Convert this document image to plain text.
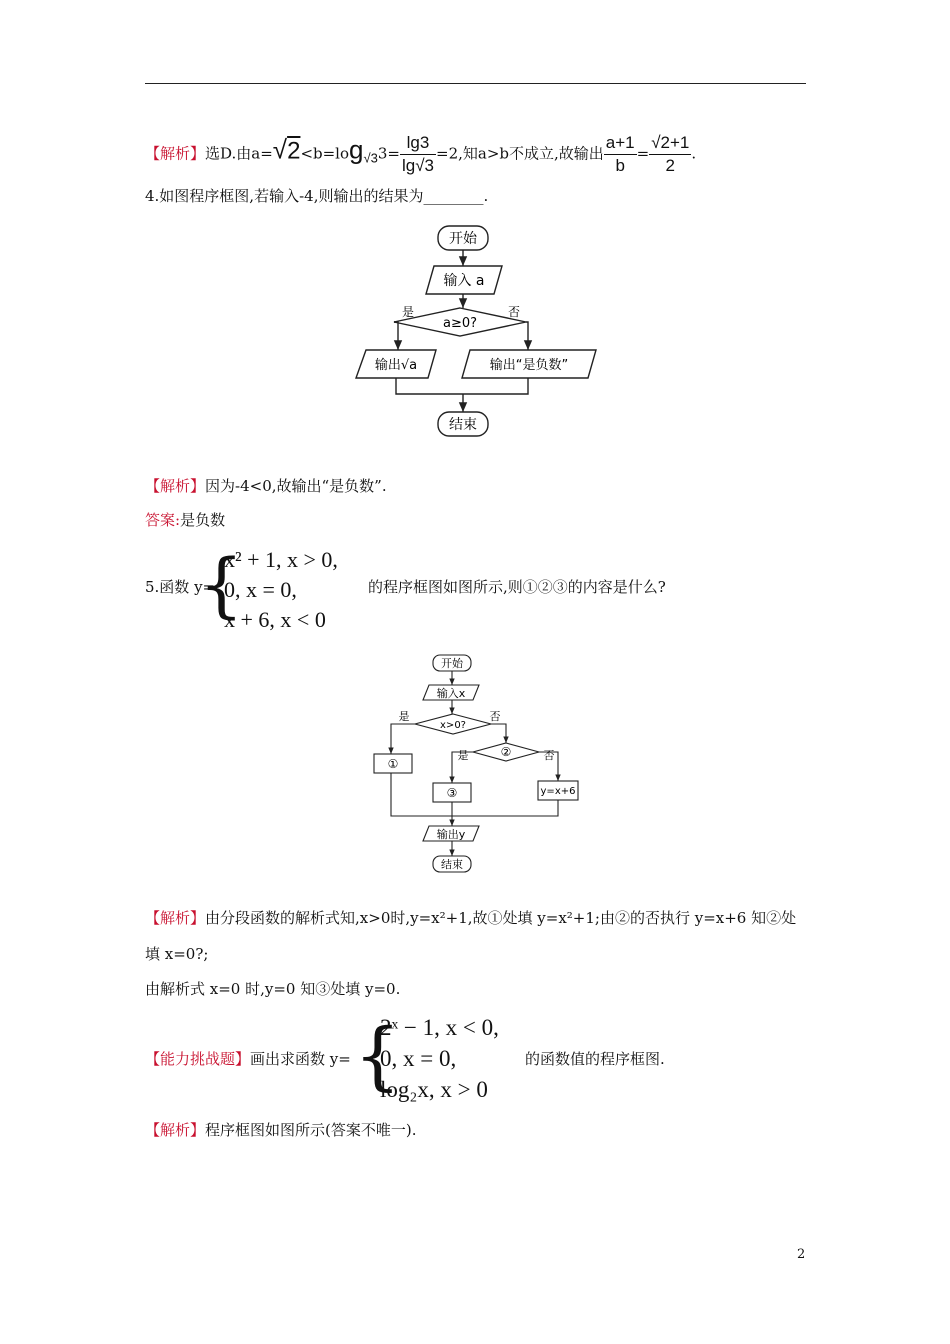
【解析】选D.由$a=√2<b=\log_{√3}3= \frac{\lg 3}{\lg√3} =2$,知a>b不成立,故输出 $\frac{a+1}{b} = \frac{√2+1}{2}$ .
4.如图程序框图,若输入-4,则输出的结果为________.
开始
输入 a
a≥0?
是	否
输出√a	输出“是负数”
结束
【解析】因为-4<0,故输出“是负数”.
答案:是负数
5.函数 y=
{
x² + 1, x > 0,
0, x = 0,
x + 6, x < 0
的程序框图如图所示,则①②③的内容是什么?
开始
输入x
x>0?
是	否
①
②
是	否
③	y=x+6
输出y
结束
【解析】由分段函数的解析式知,x>0时,y=x²+1,故①处填 y=x²+1;由②的否执行 y=x+6 知②处
填 x=0?;
由解析式 x=0 时,y=0 知③处填 y=0.
【能力挑战题】画出求函数 y= {
2ˣ − 1, x < 0,
0, x = 0,
log₂x, x > 0
的函数值的程序框图.
【解析】程序框图如图所示(答案不唯一).
2
